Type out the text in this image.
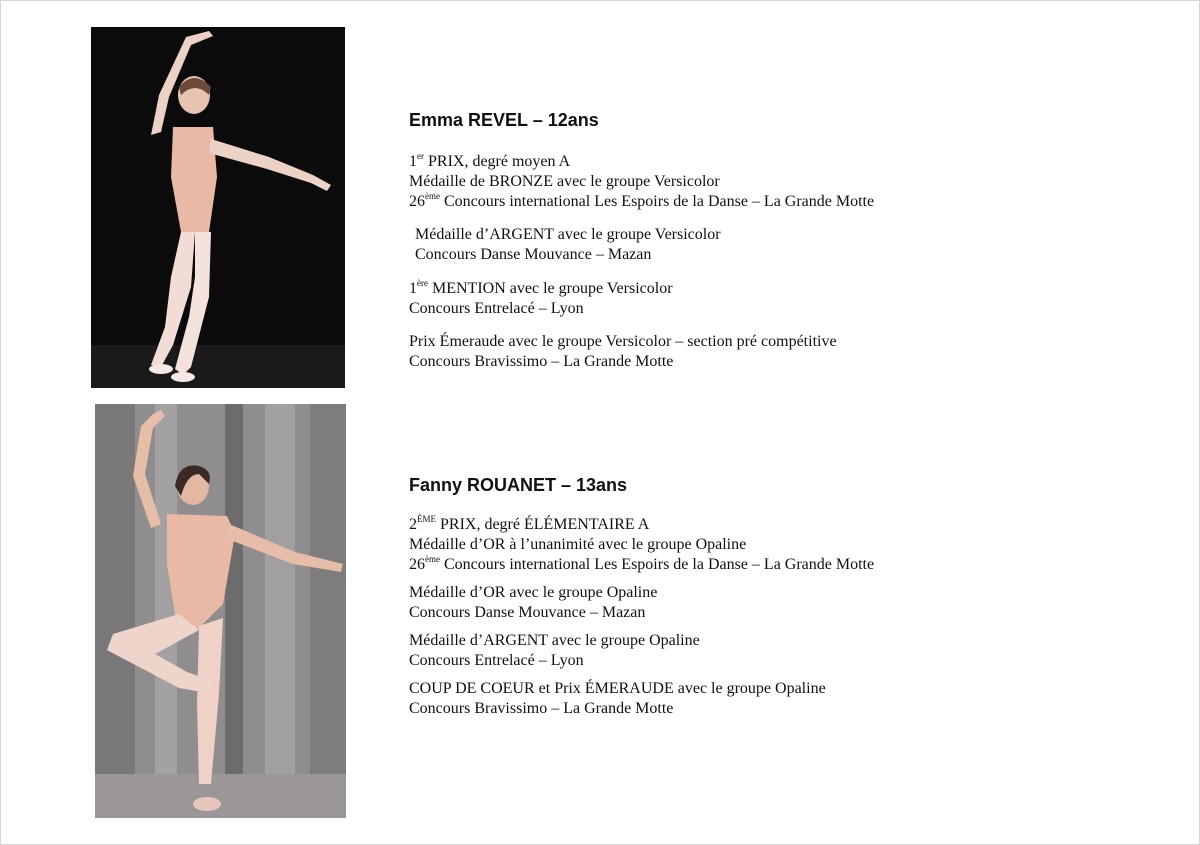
Emma REVEL – 12ans

1er PRIX, degré moyen A
Médaille de BRONZE avec le groupe Versicolor
26ème Concours international Les Espoirs de la Danse – La Grande Motte
Médaille d’ARGENT avec le groupe Versicolor
Concours Danse Mouvance – Mazan
1ère MENTION avec le groupe Versicolor
Concours Entrelacé – Lyon
Prix Émeraude avec le groupe Versicolor – section pré compétitive
Concours Bravissimo – La Grande Motte

Fanny ROUANET – 13ans

2ÈME PRIX, degré ÉLÉMENTAIRE A
Médaille d’OR à l’unanimité avec le groupe Opaline
26ème Concours international Les Espoirs de la Danse – La Grande Motte
Médaille d’OR avec le groupe Opaline
Concours Danse Mouvance – Mazan
Médaille d’ARGENT avec le groupe Opaline
Concours Entrelacé – Lyon
COUP DE COEUR et Prix ÉMERAUDE avec le groupe Opaline
Concours Bravissimo – La Grande Motte
